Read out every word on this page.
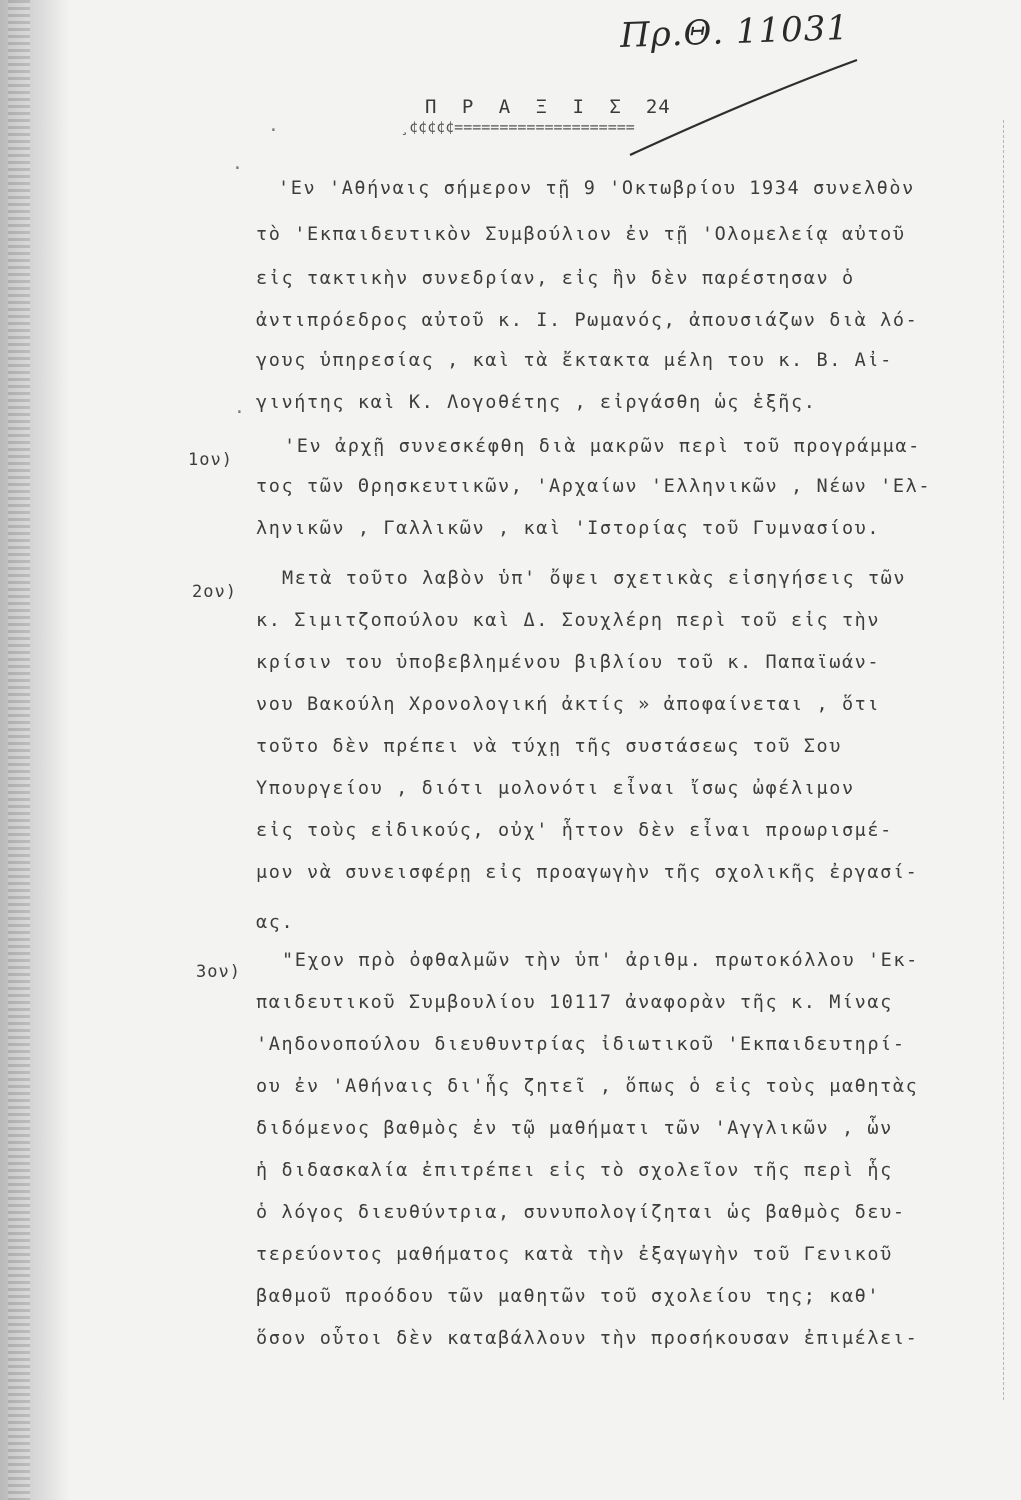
Πρ.Θ. 11031
Π Ρ Α Ξ Ι Σ 24
¸¢¢¢¢¢====================
'Εν 'Αθήναις σήμερον τῇ 9 'Οκτωβρίου 1934 συνελθὸν
τὸ 'Εκπαιδευτικὸν Συμβούλιον ἐν τῇ 'Ολομελείᾳ αὐτοῦ
εἰς τακτικὴν συνεδρίαν, εἰς ἣν δὲν παρέστησαν ὁ
ἀντιπρόεδρος αὐτοῦ κ. Ι. Ρωμανός, ἀπουσιάζων διὰ λό-
γους ὑπηρεσίας , καὶ τὰ ἔκτακτα μέλη του κ. Β. Αἰ-
γινήτης καὶ Κ. Λογοθέτης , εἰργάσθη ὡς ἑξῆς.
1ον)
'Εν ἀρχῇ συνεσκέφθη διὰ μακρῶν περὶ τοῦ προγράμμα-
τος τῶν Θρησκευτικῶν, 'Αρχαίων 'Ελληνικῶν , Νέων 'Ελ-
ληνικῶν , Γαλλικῶν , καὶ 'Ιστορίας τοῦ Γυμνασίου.
2ον)
Μετὰ τοῦτο λαβὸν ὑπ' ὄψει σχετικὰς εἰσηγήσεις τῶν
κ. Σιμιτζοπούλου καὶ Δ. Σουχλέρη περὶ τοῦ εἰς τὴν
κρίσιν του ὑποβεβλημένου βιβλίου τοῦ κ. Παπαϊωάν-
νου Βακούλη Χρονολογική ἀκτίς » ἀποφαίνεται , ὅτι
τοῦτο δὲν πρέπει νὰ τύχῃ τῆς συστάσεως τοῦ Σου
Υπουργείου , διότι μολονότι εἶναι ἴσως ὠφέλιμον
εἰς τοὺς εἰδικούς, οὐχ' ἧττον δὲν εἶναι προωρισμέ-
μον νὰ συνεισφέρῃ εἰς προαγωγὴν τῆς σχολικῆς ἐργασί-
ας.
3ον)
"Εχον πρὸ ὀφθαλμῶν τὴν ὑπ' ἀριθμ. πρωτοκόλλου 'Εκ-
παιδευτικοῦ Συμβουλίου 10117 ἀναφορὰν τῆς κ. Μίνας
'Αηδονοπούλου διευθυντρίας ἰδιωτικοῦ 'Εκπαιδευτηρί-
ου ἐν 'Αθήναις δι'ἧς ζητεῖ , ὅπως ὁ εἰς τοὺς μαθητὰς
διδόμενος βαθμὸς ἐν τῷ μαθήματι τῶν 'Αγγλικῶν , ὧν
ἡ διδασκαλία ἐπιτρέπει εἰς τὸ σχολεῖον τῆς περὶ ἧς
ὁ λόγος διευθύντρια, συνυπολογίζηται ὡς βαθμὸς δευ-
τερεύοντος μαθήματος κατὰ τὴν ἐξαγωγὴν τοῦ Γενικοῦ
βαθμοῦ προόδου τῶν μαθητῶν τοῦ σχολείου της; καθ'
ὅσον οὗτοι δὲν καταβάλλουν τὴν προσήκουσαν ἐπιμέλει-
·
·
·
